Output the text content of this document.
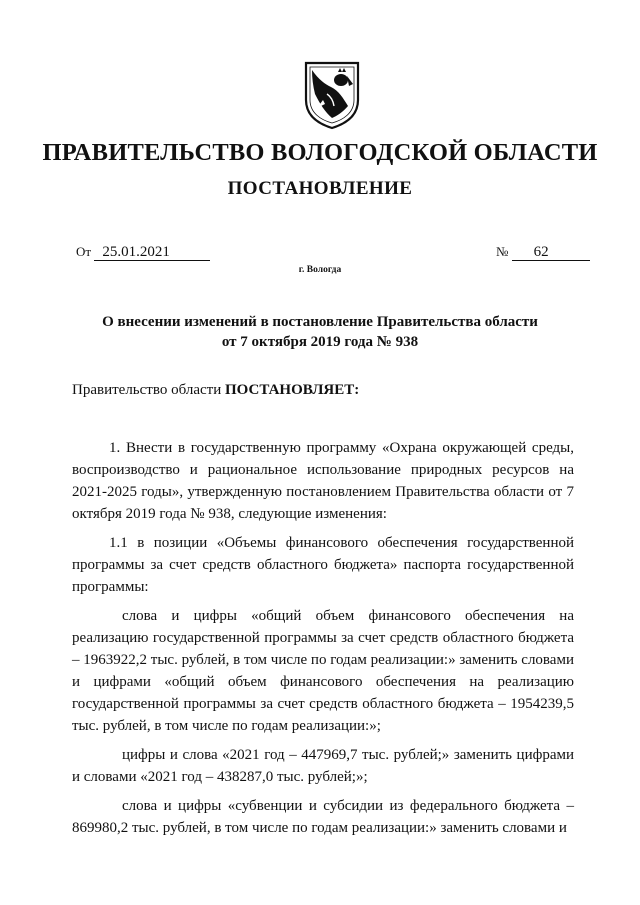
ПРАВИТЕЛЬСТВО ВОЛОГОДСКОЙ ОБЛАСТИ
ПОСТАНОВЛЕНИЕ
От 25.01.2021	№ 62
г. Вологда
О внесении изменений в постановление Правительства области
от 7 октября 2019 года № 938
Правительство области ПОСТАНОВЛЯЕТ:

1. Внести в государственную программу «Охрана окружающей среды, воспроизводство и рациональное использование природных ресурсов на 2021-2025 годы», утвержденную постановлением Правительства области от 7 октября 2019 года № 938, следующие изменения:

1.1 в позиции «Объемы финансового обеспечения государственной программы за счет средств областного бюджета» паспорта государственной программы:

слова и цифры «общий объем финансового обеспечения на реализацию государственной программы за счет средств областного бюджета – 1963922,2 тыс. рублей, в том числе по годам реализации:» заменить словами и цифрами «общий объем финансового обеспечения на реализацию государственной программы за счет средств областного бюджета – 1954239,5 тыс. рублей, в том числе по годам реализации:»;

цифры и слова «2021 год – 447969,7 тыс. рублей;» заменить цифрами и словами «2021 год – 438287,0 тыс. рублей;»;

слова и цифры «субвенции и субсидии из федерального бюджета – 869980,2 тыс. рублей, в том числе по годам реализации:» заменить словами и
